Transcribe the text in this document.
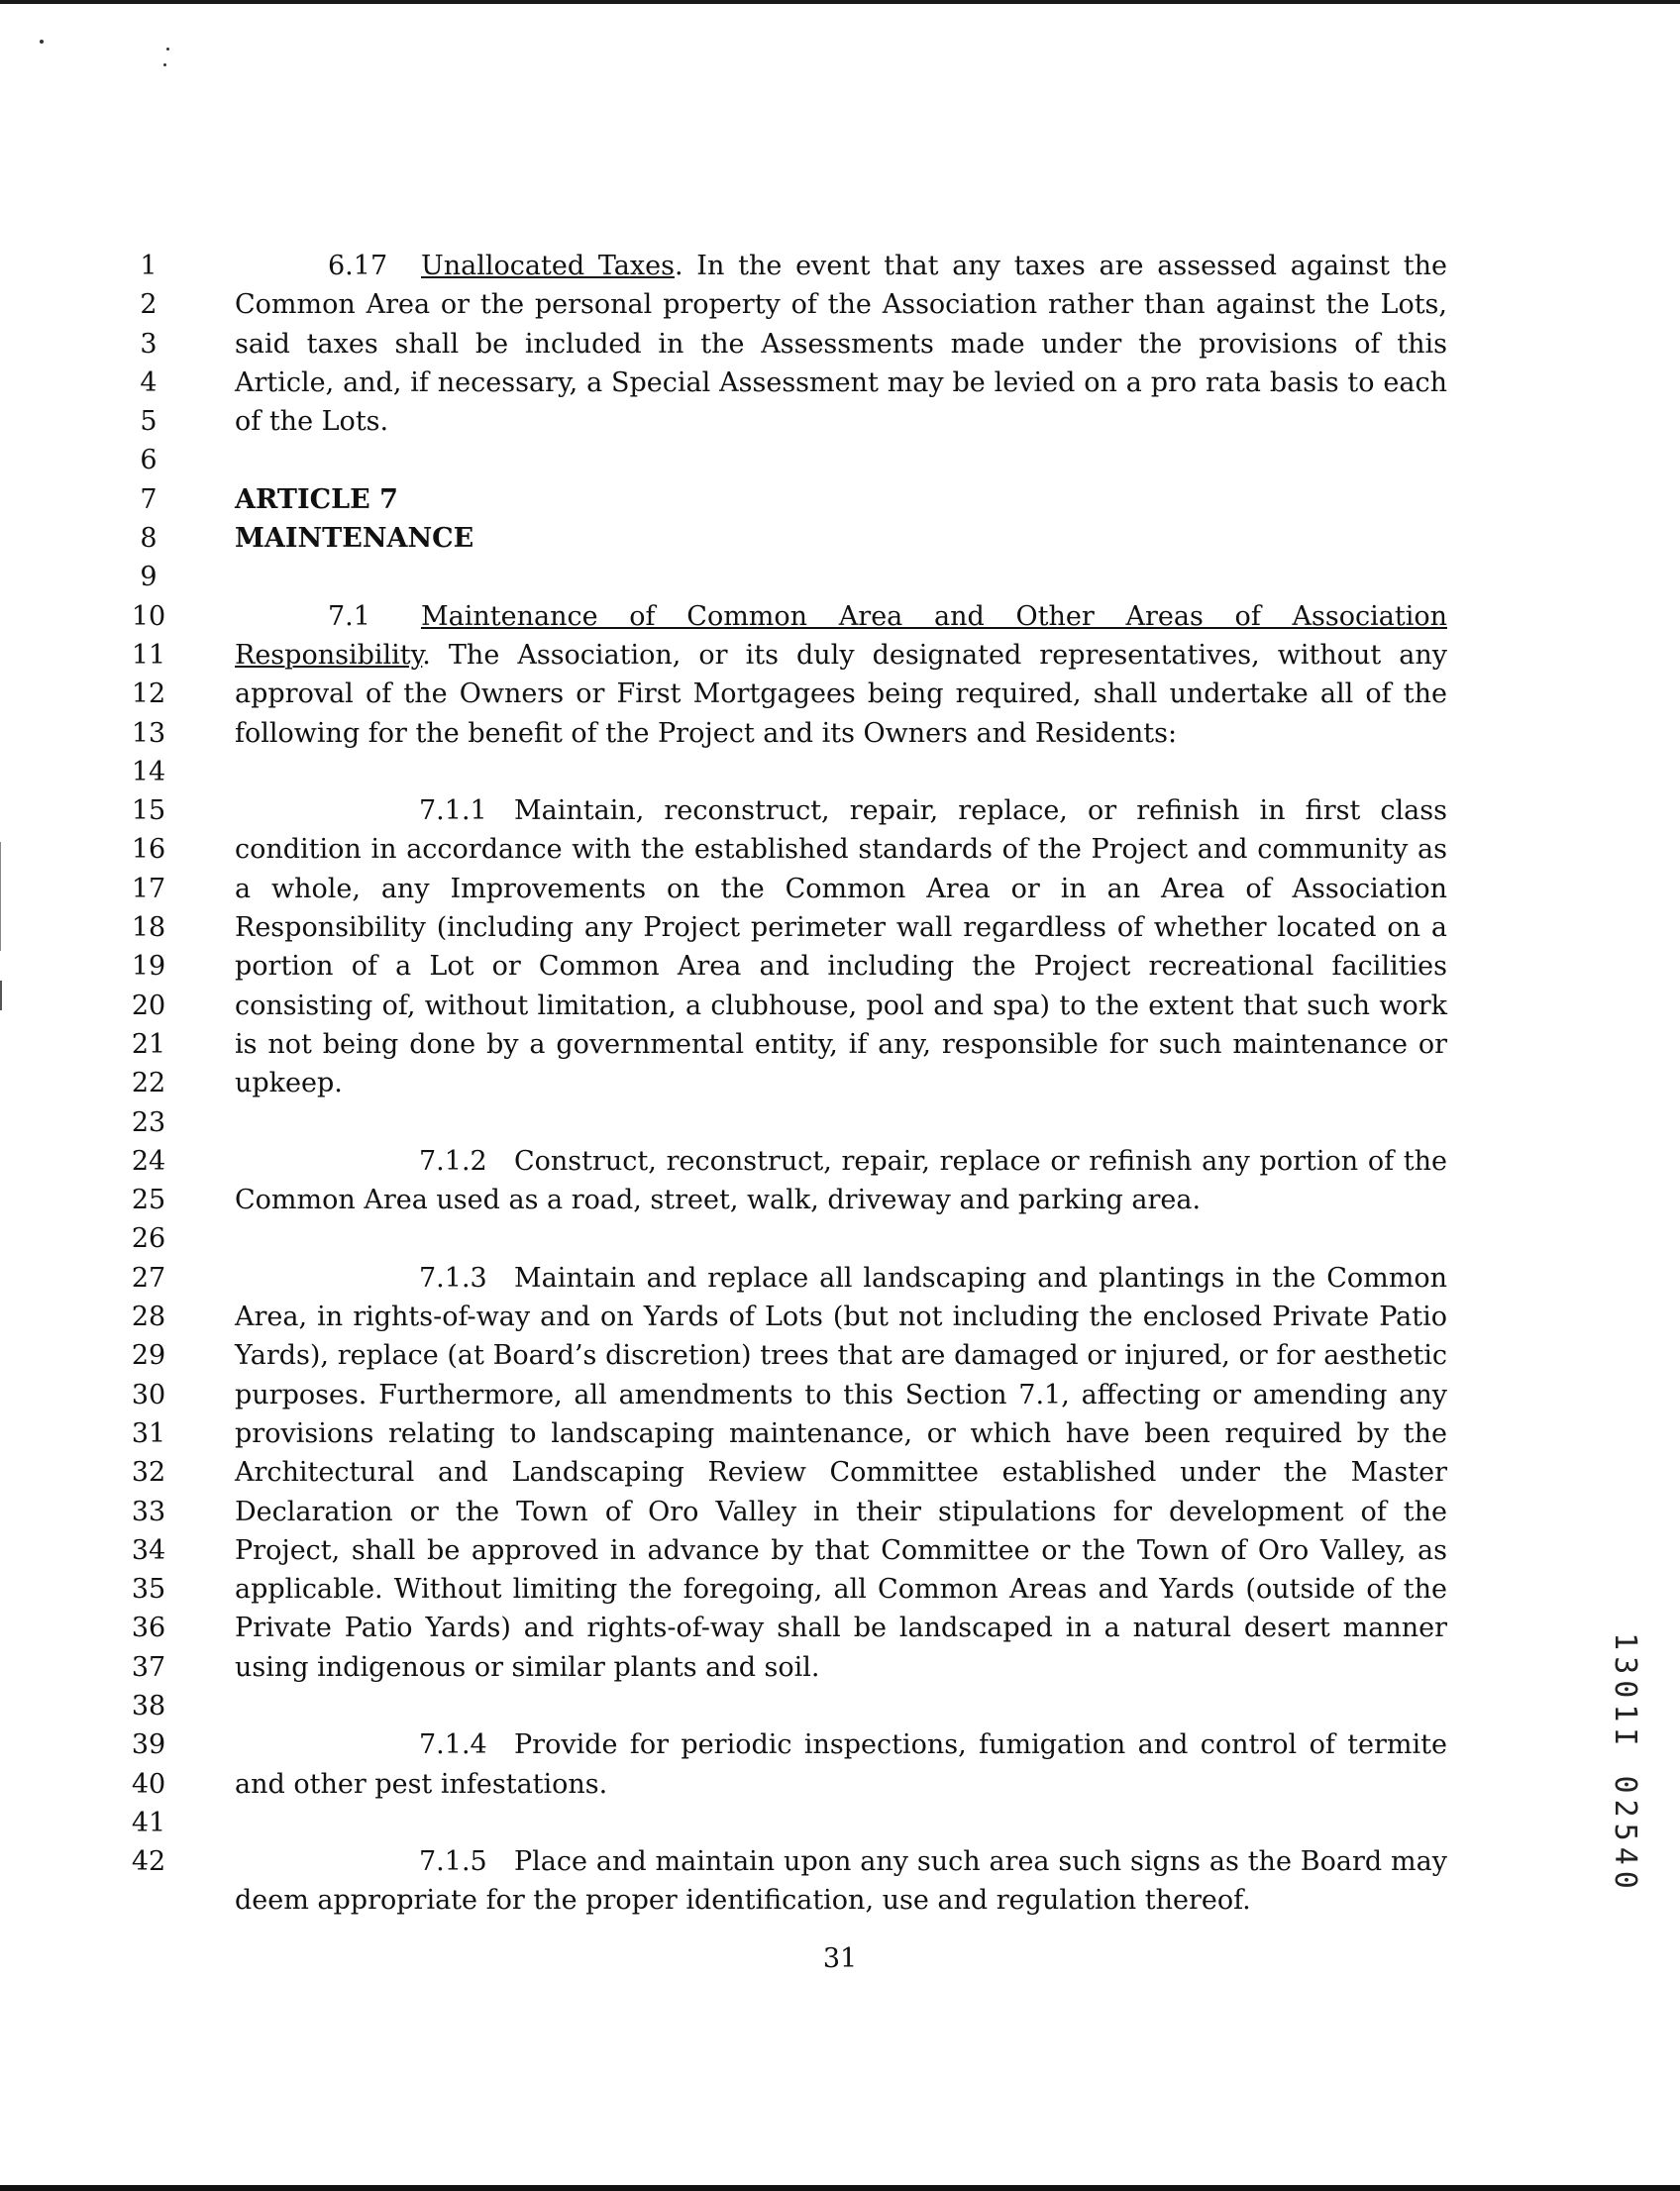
1
2
3
4
5
6
7
8
9
10
11
12
13
14
15
16
17
18
19
20
21
22
23
24
25
26
27
28
29
30
31
32
33
34
35
36
37
38
39
40
41
42

6.17 Unallocated Taxes. In the event that any taxes are assessed against the Common Area or the personal property of the Association rather than against the Lots, said taxes shall be included in the Assessments made under the provisions of this Article, and, if necessary, a Special Assessment may be levied on a pro rata basis to each of the Lots.

ARTICLE 7

MAINTENANCE

7.1 Maintenance of Common Area and Other Areas of Association Responsibility. The Association, or its duly designated representatives, without any approval of the Owners or First Mortgagees being required, shall undertake all of the following for the benefit of the Project and its Owners and Residents:

7.1.1 Maintain, reconstruct, repair, replace, or refinish in first class condition in accordance with the established standards of the Project and community as a whole, any Improvements on the Common Area or in an Area of Association Responsibility (including any Project perimeter wall regardless of whether located on a portion of a Lot or Common Area and including the Project recreational facilities consisting of, without limitation, a clubhouse, pool and spa) to the extent that such work is not being done by a governmental entity, if any, responsible for such maintenance or upkeep.

7.1.2 Construct, reconstruct, repair, replace or refinish any portion of the Common Area used as a road, street, walk, driveway and parking area.

7.1.3 Maintain and replace all landscaping and plantings in the Common Area, in rights-of-way and on Yards of Lots (but not including the enclosed Private Patio Yards), replace (at Board’s discretion) trees that are damaged or injured, or for aesthetic purposes. Furthermore, all amendments to this Section 7.1, affecting or amending any provisions relating to landscaping maintenance, or which have been required by the Architectural and Landscaping Review Committee established under the Master Declaration or the Town of Oro Valley in their stipulations for development of the Project, shall be approved in advance by that Committee or the Town of Oro Valley, as applicable. Without limiting the foregoing, all Common Areas and Yards (outside of the Private Patio Yards) and rights-of-way shall be landscaped in a natural desert manner using indigenous or similar plants and soil.

7.1.4 Provide for periodic inspections, fumigation and control of termite and other pest infestations.

7.1.5 Place and maintain upon any such area such signs as the Board may deem appropriate for the proper identification, use and regulation thereof.

1301I 02540
31
